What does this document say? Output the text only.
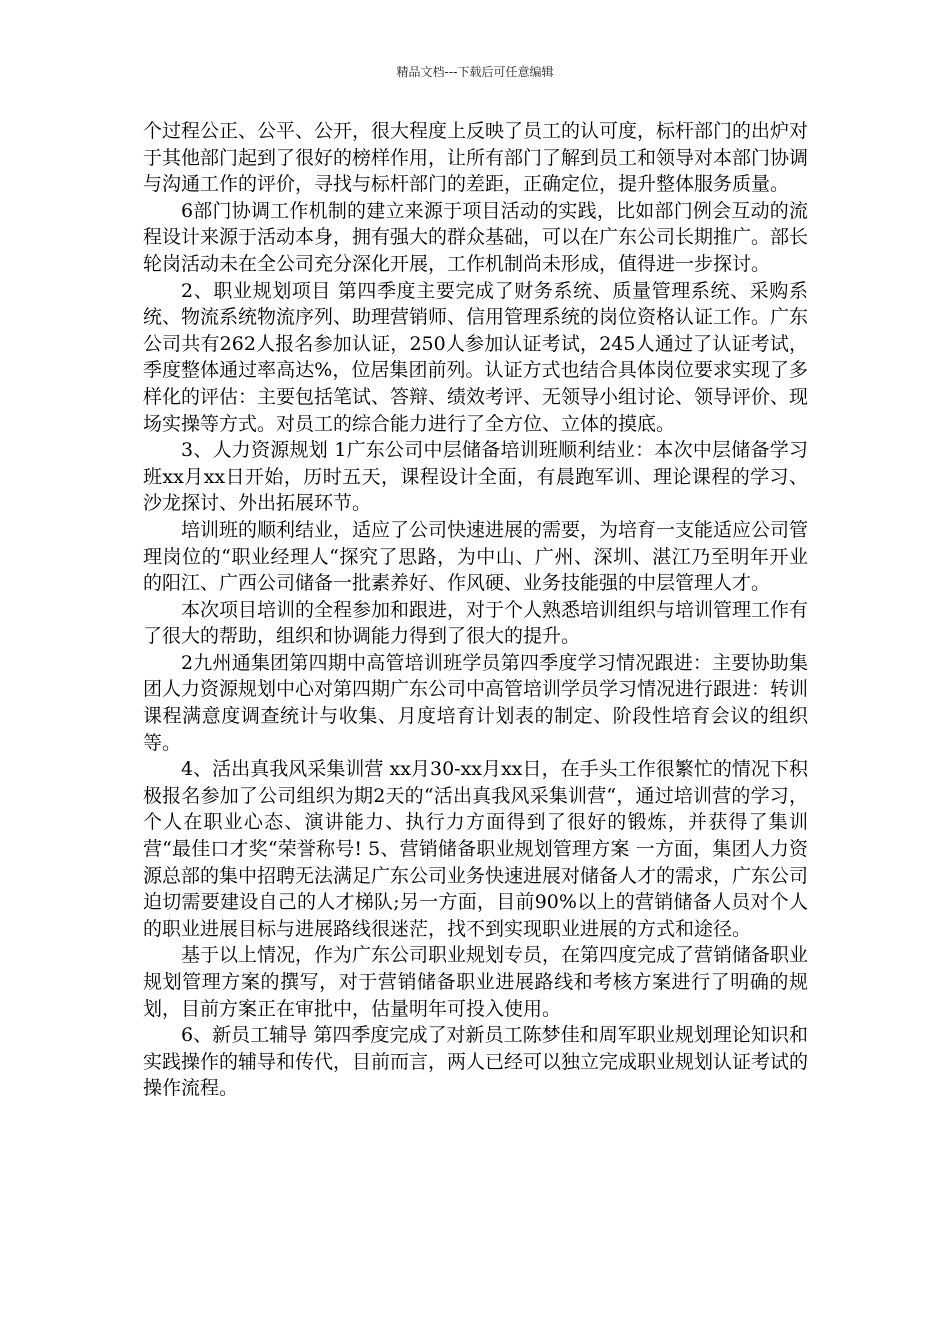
精品文档---下载后可任意编辑

个过程公正、公平、公开，很大程度上反映了员工的认可度，标杆部门的出炉对于其他部门起到了很好的榜样作用，让所有部门了解到员工和领导对本部门协调与沟通工作的评价，寻找与标杆部门的差距，正确定位，提升整体服务质量。

6部门协调工作机制的建立来源于项目活动的实践，比如部门例会互动的流程设计来源于活动本身，拥有强大的群众基础，可以在广东公司长期推广。部长轮岗活动未在全公司充分深化开展，工作机制尚未形成，值得进一步探讨。

2、职业规划项目 第四季度主要完成了财务系统、质量管理系统、采购系统、物流系统物流序列、助理营销师、信用管理系统的岗位资格认证工作。广东公司共有262人报名参加认证，250人参加认证考试，245人通过了认证考试，季度整体通过率高达%，位居集团前列。认证方式也结合具体岗位要求实现了多样化的评估：主要包括笔试、答辩、绩效考评、无领导小组讨论、领导评价、现场实操等方式。对员工的综合能力进行了全方位、立体的摸底。

3、人力资源规划 1广东公司中层储备培训班顺利结业：本次中层储备学习班xx月xx日开始，历时五天，课程设计全面，有晨跑军训、理论课程的学习、沙龙探讨、外出拓展环节。

培训班的顺利结业，适应了公司快速进展的需要，为培育一支能适应公司管理岗位的“职业经理人“探究了思路，为中山、广州、深圳、湛江乃至明年开业的阳江、广西公司储备一批素养好、作风硬、业务技能强的中层管理人才。

本次项目培训的全程参加和跟进，对于个人熟悉培训组织与培训管理工作有了很大的帮助，组织和协调能力得到了很大的提升。

2九州通集团第四期中高管培训班学员第四季度学习情况跟进：主要协助集团人力资源规划中心对第四期广东公司中高管培训学员学习情况进行跟进：转训课程满意度调查统计与收集、月度培育计划表的制定、阶段性培育会议的组织等。

4、活出真我风采集训营 xx月30-xx月xx日，在手头工作很繁忙的情况下积极报名参加了公司组织为期2天的“活出真我风采集训营“，通过培训营的学习，个人在职业心态、演讲能力、执行力方面得到了很好的锻炼，并获得了集训营“最佳口才奖“荣誉称号! 5、营销储备职业规划管理方案 一方面，集团人力资源总部的集中招聘无法满足广东公司业务快速进展对储备人才的需求，广东公司迫切需要建设自己的人才梯队;另一方面，目前90%以上的营销储备人员对个人的职业进展目标与进展路线很迷茫，找不到实现职业进展的方式和途径。

基于以上情况，作为广东公司职业规划专员，在第四度完成了营销储备职业规划管理方案的撰写，对于营销储备职业进展路线和考核方案进行了明确的规划，目前方案正在审批中，估量明年可投入使用。

6、新员工辅导 第四季度完成了对新员工陈梦佳和周军职业规划理论知识和实践操作的辅导和传代，目前而言，两人已经可以独立完成职业规划认证考试的操作流程。
